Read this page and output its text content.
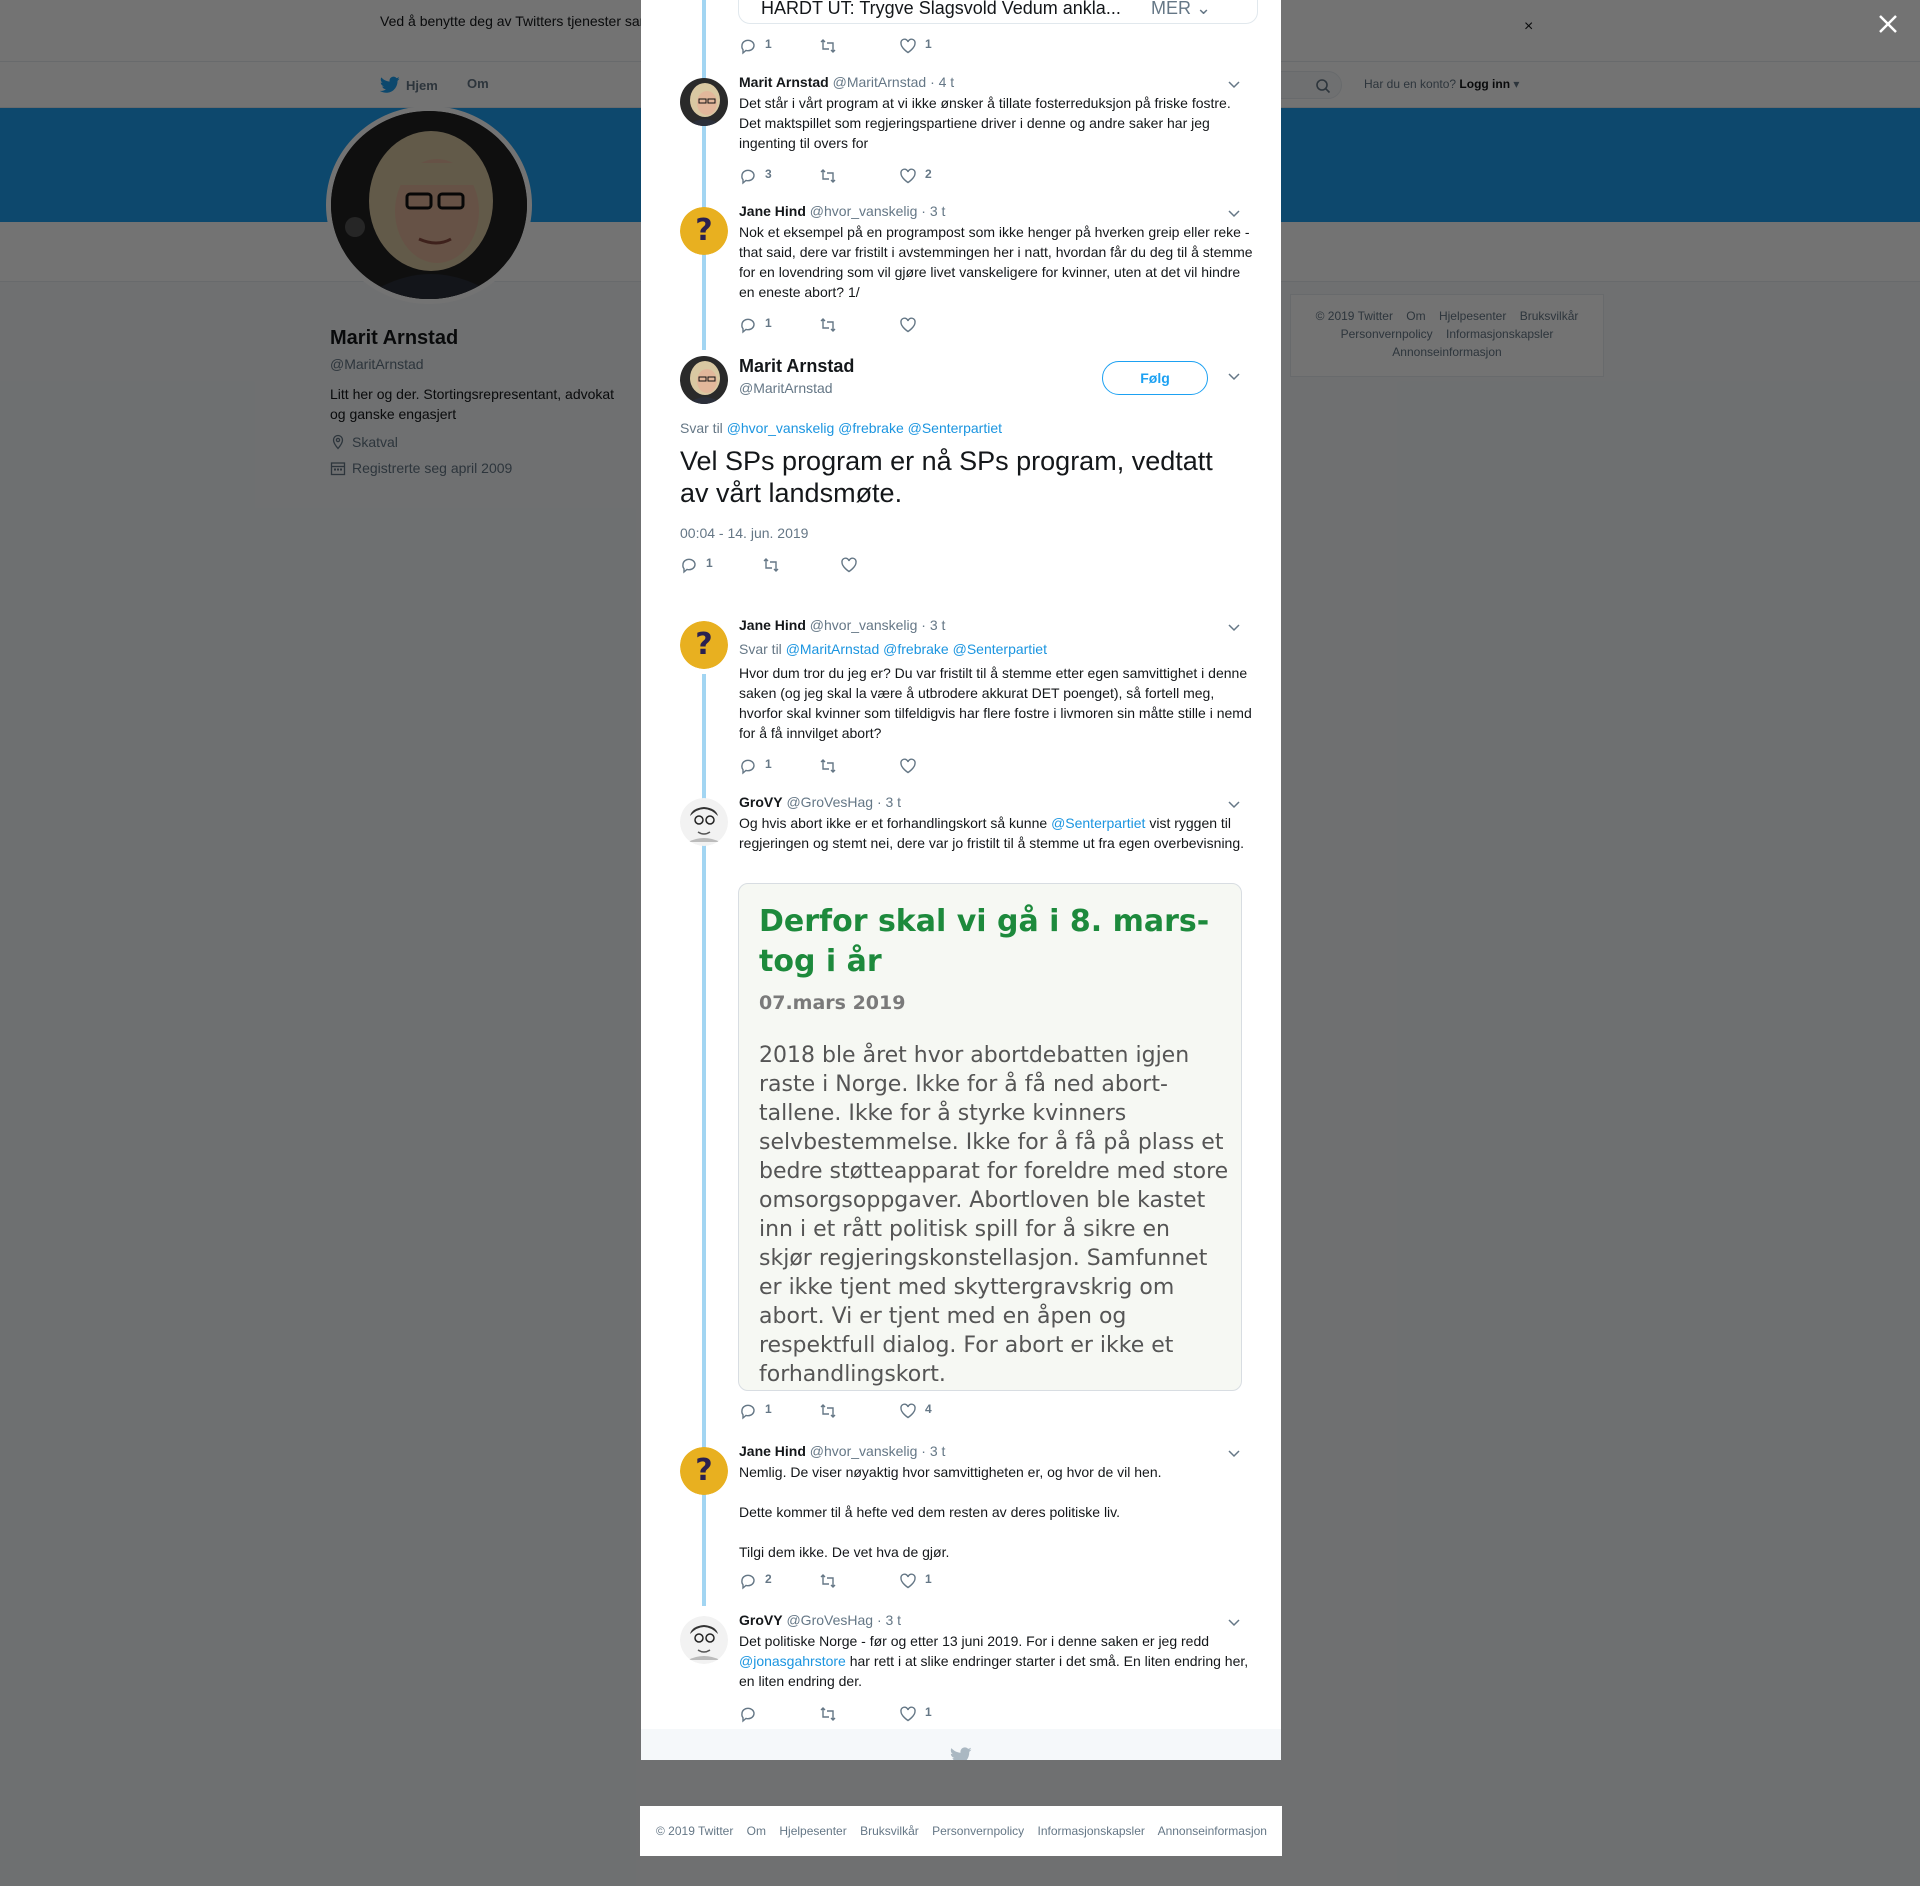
HARDT UT: Trygve Slagsvold Vedum ankla...	MER ⌄
1	1
Marit Arnstad @MaritArnstad · 4 t
Det står i vårt program at vi ikke ønsker å tillate fosterreduksjon på friske fostre. Det maktspillet som regjeringspartiene driver i denne og andre saker har jeg ingenting til overs for
3	2
?
Jane Hind @hvor_vanskelig · 3 t
Nok et eksempel på en programpost som ikke henger på hverken greip eller reke - that said, dere var fristilt i avstemmingen her i natt, hvordan får du deg til å stemme for en lovendring som vil gjøre livet vanskeligere for kvinner, uten at det vil hindre en eneste abort? 1/
1
Marit Arnstad
@MaritArnstad
Følg
Svar til @hvor_vanskelig @frebrake @Senterpartiet
Vel SPs program er nå SPs program, vedtatt av vårt landsmøte.
00:04 - 14. jun. 2019
1
?
Jane Hind @hvor_vanskelig · 3 t
Svar til @MaritArnstad @frebrake @Senterpartiet
Hvor dum tror du jeg er? Du var fristilt til å stemme etter egen samvittighet i denne saken (og jeg skal la være å utbrodere akkurat DET poenget), så fortell meg, hvorfor skal kvinner som tilfeldigvis har flere fostre i livmoren sin måtte stille i nemd for å få innvilget abort?
1
GroVY @GroVesHag · 3 t
Og hvis abort ikke er et forhandlingskort så kunne @Senterpartiet vist ryggen til regjeringen og stemt nei, dere var jo fristilt til å stemme ut fra egen overbevisning.
1	4
Derfor skal vi gå i 8. mars-tog i år
07.mars 2019
2018 ble året hvor abortdebatten igjen raste i Norge. Ikke for å få ned abort-tallene. Ikke for å styrke kvinners selvbestemmelse. Ikke for å få på plass et bedre støtteapparat for foreldre med store omsorgsoppgaver. Abortloven ble kastet inn i et rått politisk spill for å sikre en skjør regjeringskonstellasjon. Samfunnet er ikke tjent med skyttergravskrig om abort. Vi er tjent med en åpen og respektfull dialog. For abort er ikke et forhandlingskort.
?
Jane Hind @hvor_vanskelig · 3 t

Nemlig. De viser nøyaktig hvor samvittigheten er, og hvor de vil hen.

Dette kommer til å hefte ved dem resten av deres politiske liv.

Tilgi dem ikke. De vet hva de gjør.

2	1
GroVY @GroVesHag · 3 t
Det politiske Norge - før og etter 13 juni 2019. For i denne saken er jeg redd @jonasgahrstore har rett i at slike endringer starter i det små. En liten endring her, en liten endring der.
1
© 2019 Twitter Om Hjelpesenter Bruksvilkår Personvernpolicy Informasjonskapsler Annonseinformasjon
